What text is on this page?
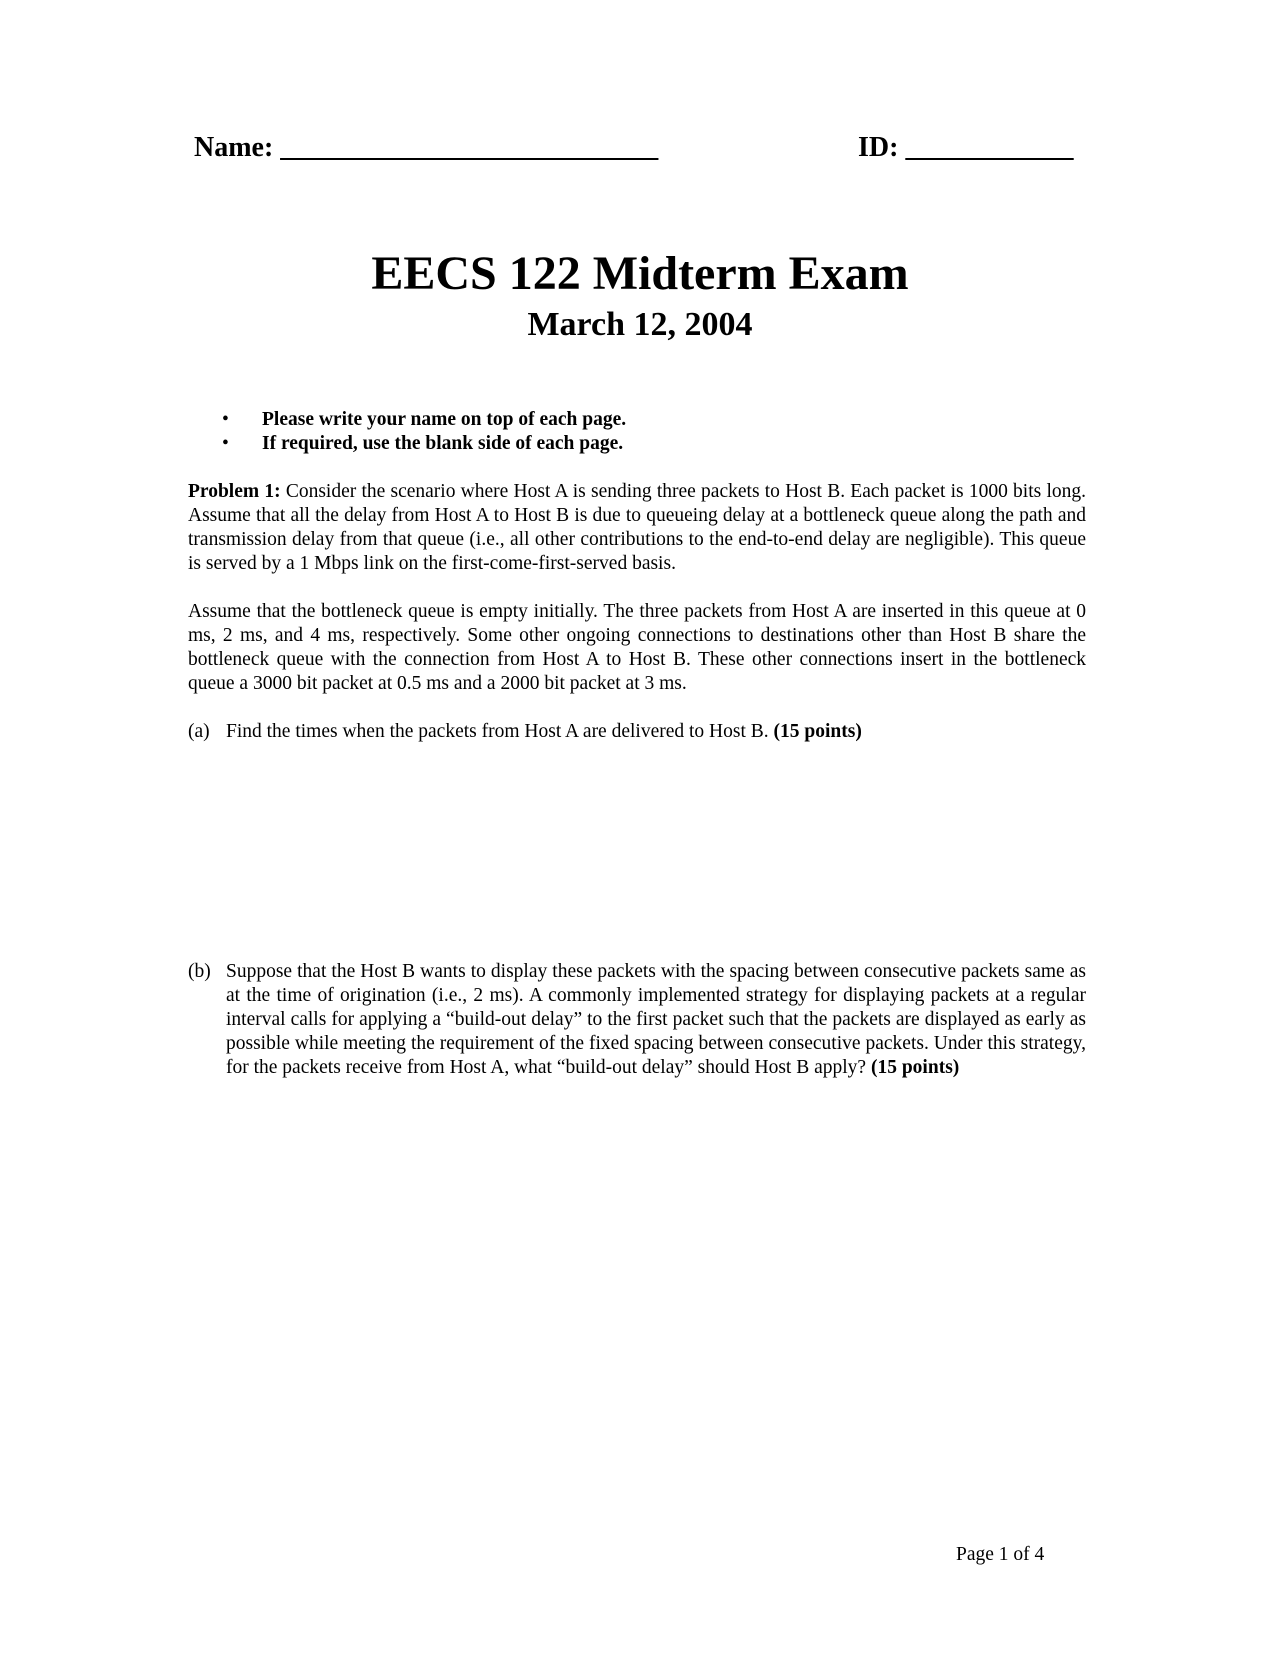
Name: ___________________________	ID: ____________
EECS 122 Midterm Exam
March 12, 2004
• Please write your name on top of each page.
• If required, use the blank side of each page.

Problem 1: Consider the scenario where Host A is sending three packets to Host B. Each packet is 1000 bits long. Assume that all the delay from Host A to Host B is due to queueing delay at a bottleneck queue along the path and transmission delay from that queue (i.e., all other contributions to the end-to-end delay are negligible). This queue is served by a 1 Mbps link on the first-come-first-served basis.

Assume that the bottleneck queue is empty initially. The three packets from Host A are inserted in this queue at 0 ms, 2 ms, and 4 ms, respectively. Some other ongoing connections to destinations other than Host B share the bottleneck queue with the connection from Host A to Host B. These other connections insert in the bottleneck queue a 3000 bit packet at 0.5 ms and a 2000 bit packet at 3 ms.

(a) Find the times when the packets from Host A are delivered to Host B. (15 points)
(b) Suppose that the Host B wants to display these packets with the spacing between consecutive packets same as at the time of origination (i.e., 2 ms). A commonly implemented strategy for displaying packets at a regular interval calls for applying a “build-out delay” to the first packet such that the packets are displayed as early as possible while meeting the requirement of the fixed spacing between consecutive packets. Under this strategy, for the packets receive from Host A, what “build-out delay” should Host B apply? (15 points)
Page 1 of 4
